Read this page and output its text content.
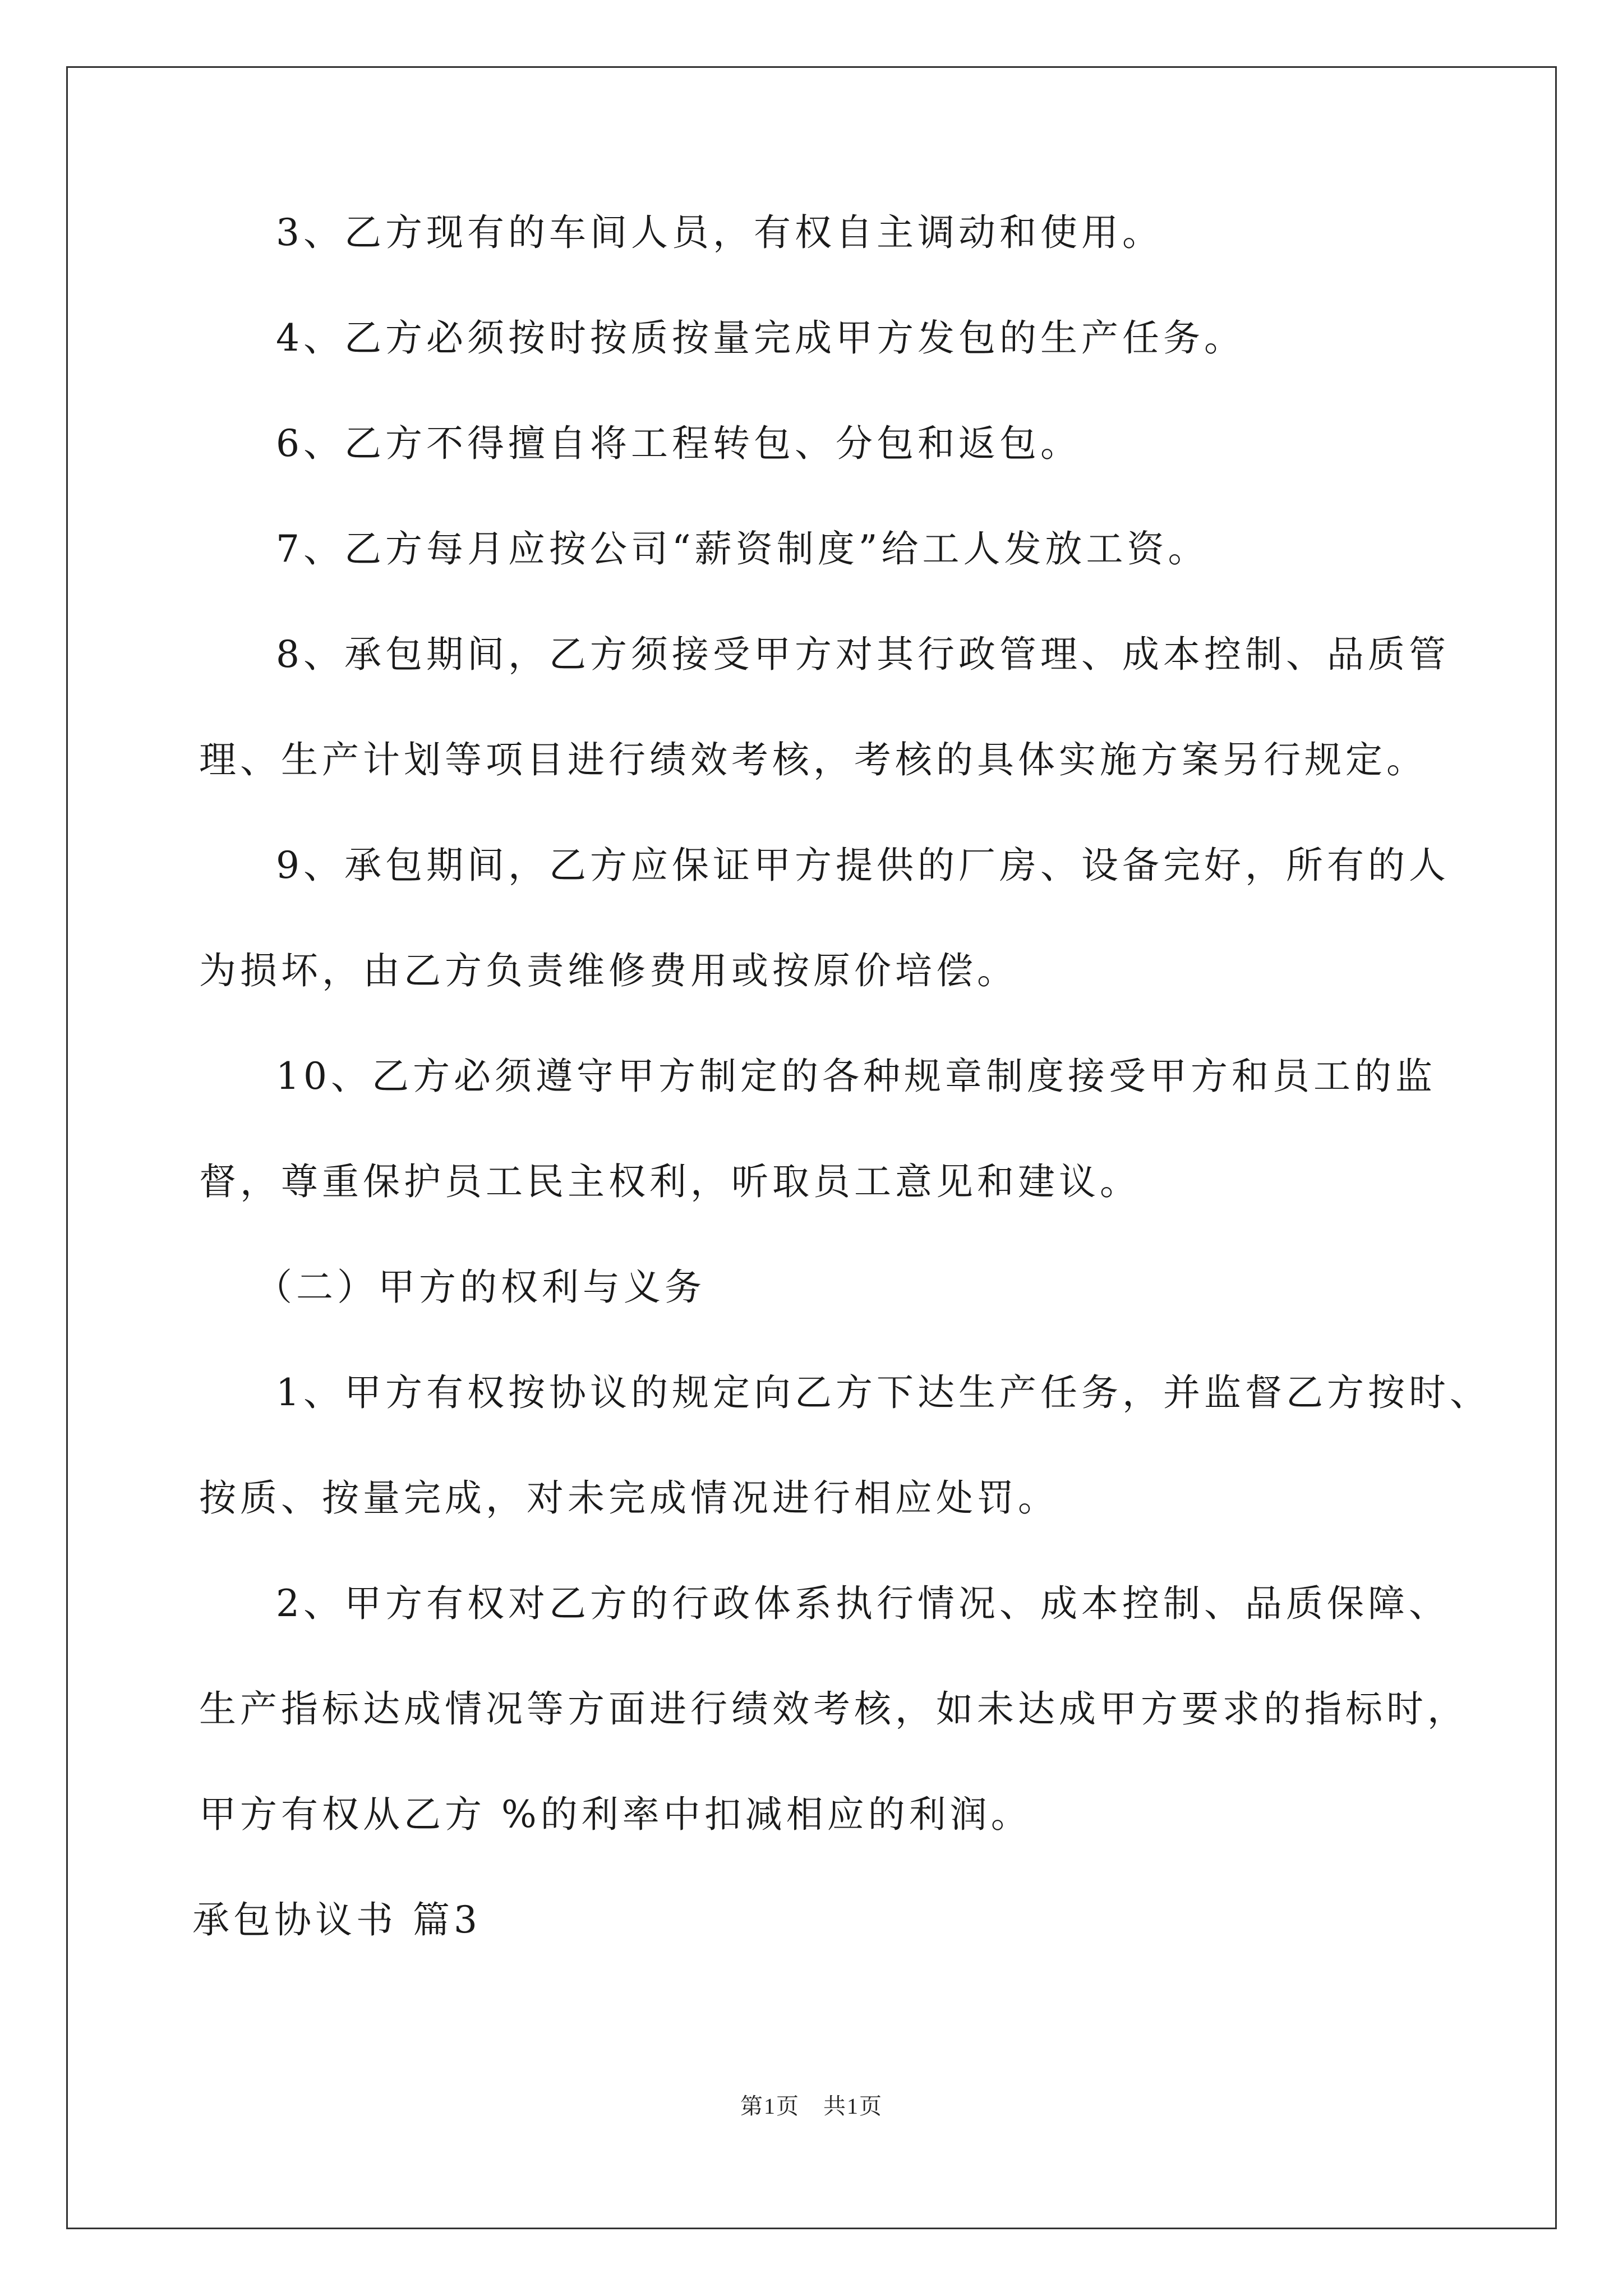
3、乙方现有的车间人员，有权自主调动和使用。

4、乙方必须按时按质按量完成甲方发包的生产任务。

6、乙方不得擅自将工程转包、分包和返包。

7、乙方每月应按公司“薪资制度”给工人发放工资。

8、承包期间，乙方须接受甲方对其行政管理、成本控制、品质管

理、生产计划等项目进行绩效考核，考核的具体实施方案另行规定。

9、承包期间，乙方应保证甲方提供的厂房、设备完好，所有的人

为损坏，由乙方负责维修费用或按原价培偿。

10、乙方必须遵守甲方制定的各种规章制度接受甲方和员工的监

督，尊重保护员工民主权利，听取员工意见和建议。

（二）甲方的权利与义务

1、甲方有权按协议的规定向乙方下达生产任务，并监督乙方按时、

按质、按量完成，对未完成情况进行相应处罚。

2、甲方有权对乙方的行政体系执行情况、成本控制、品质保障、

生产指标达成情况等方面进行绩效考核，如未达成甲方要求的指标时，

甲方有权从乙方 %的利率中扣减相应的利润。

承包协议书 篇3

第1页　共1页
